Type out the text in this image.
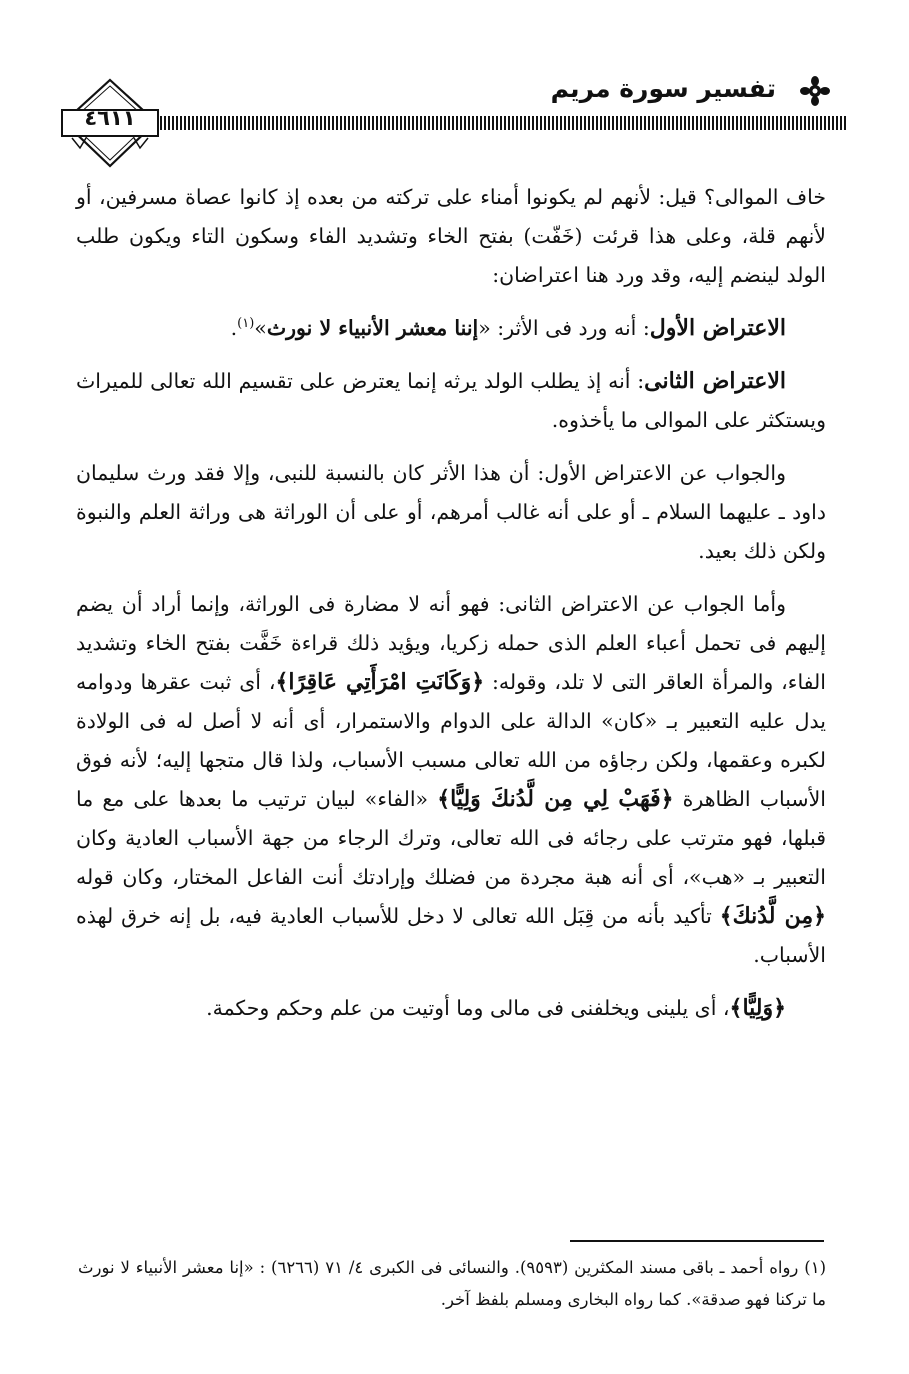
تفسير سورة مريم
٤٦١١

خاف الموالى؟ قيل: لأنهم لم يكونوا أمناء على تركته من بعده إذ كانوا عصاة مسرفين، أو لأنهم قلة، وعلى هذا قرئت (خَفّت) بفتح الخاء وتشديد الفاء وسكون التاء ويكون طلب الولد لينضم إليه، وقد ورد هنا اعتراضان:

الاعتراض الأول: أنه ورد فى الأثر: «إننا معشر الأنبياء لا نورث»$^{(١)}$.

الاعتراض الثانى: أنه إذ يطلب الولد يرثه إنما يعترض على تقسيم الله تعالى للميراث ويستكثر على الموالى ما يأخذوه.

والجواب عن الاعتراض الأول: أن هذا الأثر كان بالنسبة للنبى، وإلا فقد ورث سليمان داود ـ عليهما السلام ـ أو على أنه غالب أمرهم، أو على أن الوراثة هى وراثة العلم والنبوة ولكن ذلك بعيد.

وأما الجواب عن الاعتراض الثانى: فهو أنه لا مضارة فى الوراثة، وإنما أراد أن يضم إليهم فى تحمل أعباء العلم الذى حمله زكريا، ويؤيد ذلك قراءة خَفَّت بفتح الخاء وتشديد الفاء، والمرأة العاقر التى لا تلد، وقوله: ﴿وَكَانَتِ امْرَأَتِي عَاقِرًا﴾، أى ثبت عقرها ودوامه يدل عليه التعبير بـ «كان» الدالة على الدوام والاستمرار، أى أنه لا أصل له فى الولادة لكبره وعقمها، ولكن رجاؤه من الله تعالى مسبب الأسباب، ولذا قال متجها إليه؛ لأنه فوق الأسباب الظاهرة ﴿فَهَبْ لِي مِن لَّدُنكَ وَلِيًّا﴾ «الفاء» لبيان ترتيب ما بعدها على مع ما قبلها، فهو مترتب على رجائه فى الله تعالى، وترك الرجاء من جهة الأسباب العادية وكان التعبير بـ «هب»، أى أنه هبة مجردة من فضلك وإرادتك أنت الفاعل المختار، وكان قوله ﴿مِن لَّدُنكَ﴾ تأكيد بأنه من قِبَل الله تعالى لا دخل للأسباب العادية فيه، بل إنه خرق لهذه الأسباب.

﴿وَلِيًّا﴾، أى يلينى ويخلفنى فى مالى وما أوتيت من علم وحكم وحكمة.

(١) رواه أحمد ـ باقى مسند المكثرين (٩٥٩٣). والنسائى فى الكبرى ٤/ ٧١ (٦٢٦٦) : «إنا معشر الأنبياء لا نورث ما تركنا فهو صدقة». كما رواه البخارى ومسلم بلفظ آخر.
